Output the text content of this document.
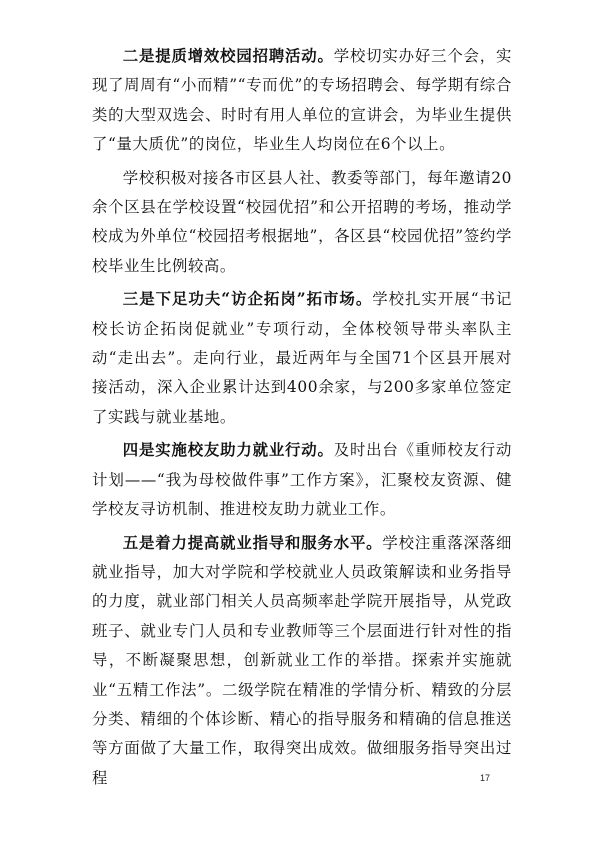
二是提质增效校园招聘活动。学校切实办好三个会，实现了周周有“小而精”“专而优”的专场招聘会、每学期有综合类的大型双选会、时时有用人单位的宣讲会，为毕业生提供了“量大质优”的岗位，毕业生人均岗位在6个以上。

学校积极对接各市区县人社、教委等部门，每年邀请20余个区县在学校设置“校园优招”和公开招聘的考场，推动学校成为外单位“校园招考根据地”，各区县“校园优招”签约学校毕业生比例较高。

三是下足功夫“访企拓岗”拓市场。学校扎实开展“书记校长访企拓岗促就业”专项行动，全体校领导带头率队主动“走出去”。走向行业，最近两年与全国71个区县开展对接活动，深入企业累计达到400余家，与200多家单位签定了实践与就业基地。

四是实施校友助力就业行动。及时出台《重师校友行动计划——“我为母校做件事”工作方案》，汇聚校友资源、健学校友寻访机制、推进校友助力就业工作。

五是着力提高就业指导和服务水平。学校注重落深落细就业指导，加大对学院和学校就业人员政策解读和业务指导的力度，就业部门相关人员高频率赴学院开展指导，从党政班子、就业专门人员和专业教师等三个层面进行针对性的指导，不断凝聚思想，创新就业工作的举措。探索并实施就业“五精工作法”。二级学院在精准的学情分析、精致的分层分类、精细的个体诊断、精心的指导服务和精确的信息推送等方面做了大量工作，取得突出成效。做细服务指导突出过程	17
